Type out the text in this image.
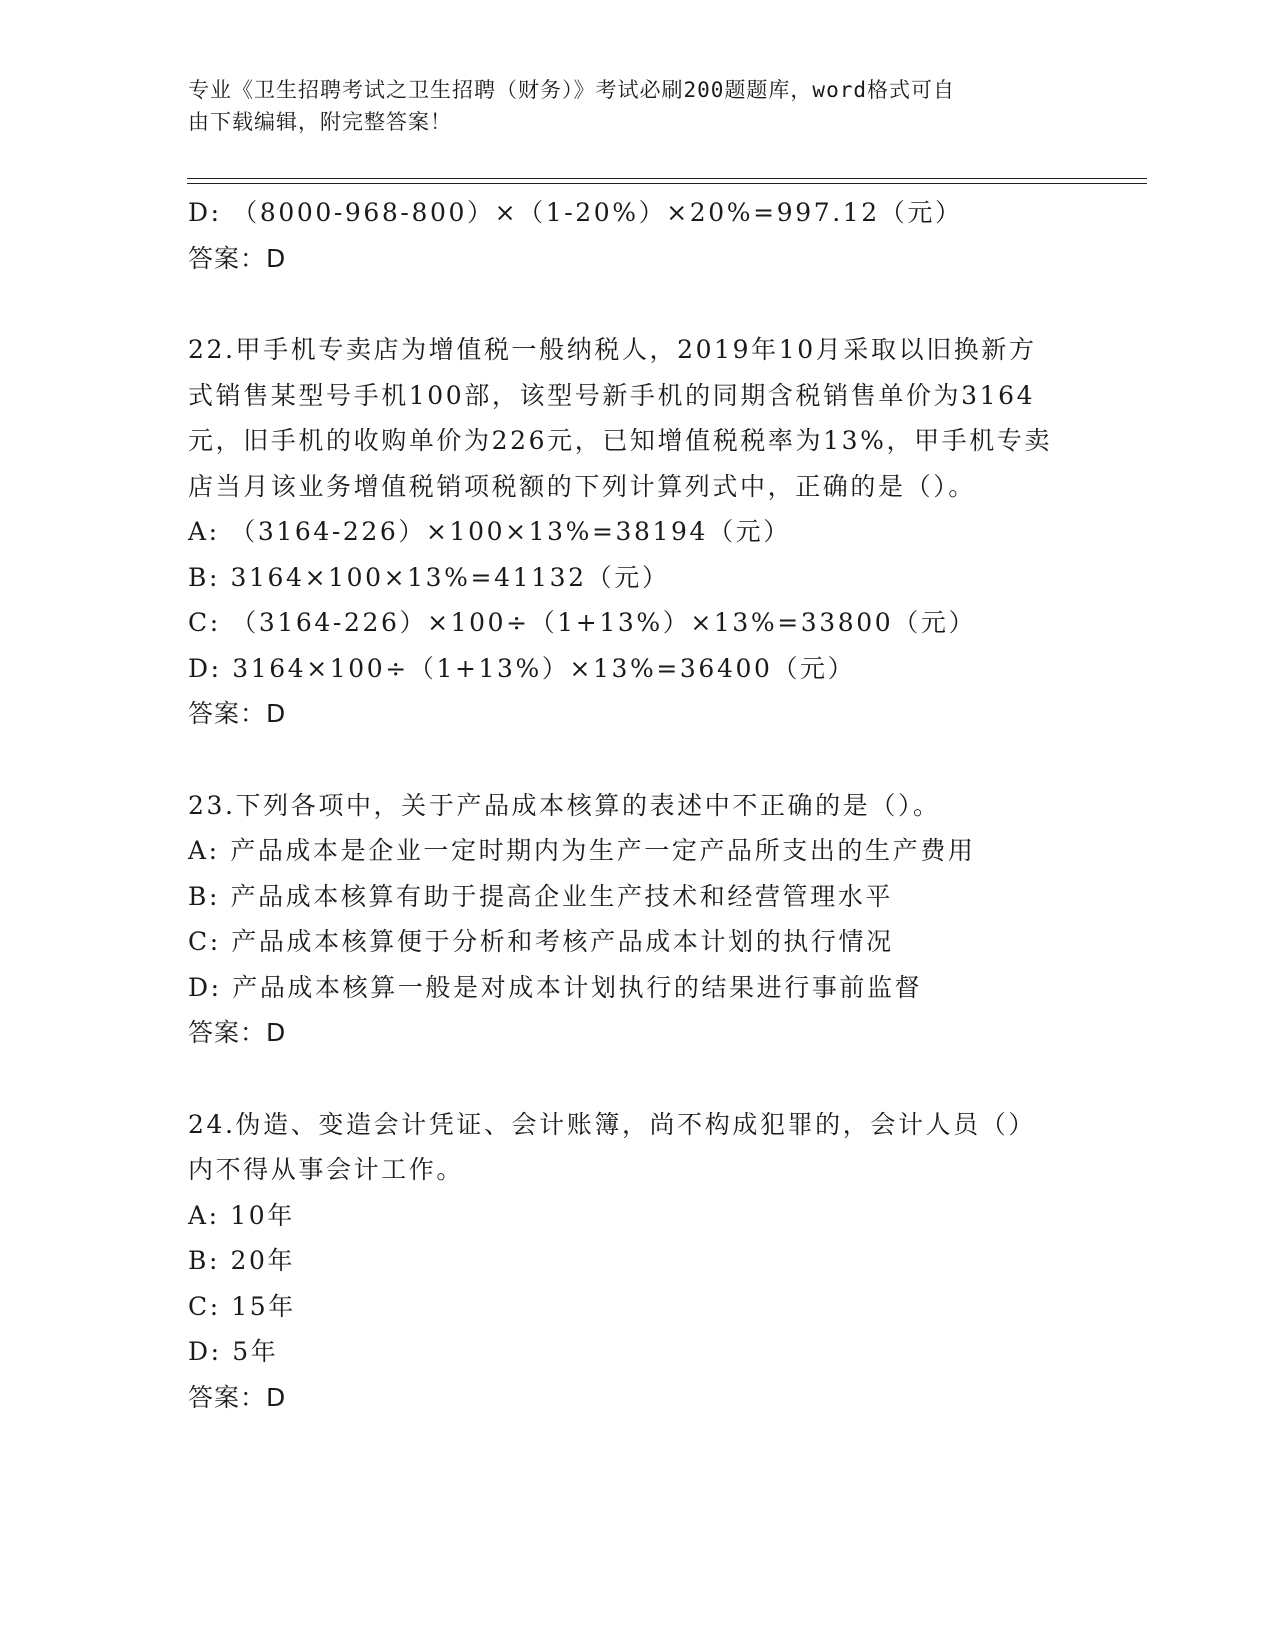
专业《卫生招聘考试之卫生招聘（财务）》考试必刷200题题库，word格式可自
由下载编辑，附完整答案！
D: （8000-968-800）×（1-20%）×20%=997.12（元）
答案：D
22.甲手机专卖店为增值税一般纳税人，2019年10月采取以旧换新方
式销售某型号手机100部，该型号新手机的同期含税销售单价为3164
元，旧手机的收购单价为226元，已知增值税税率为13%，甲手机专卖
店当月该业务增值税销项税额的下列计算列式中，正确的是（）。
A: （3164-226）×100×13%=38194（元）
B: 3164×100×13%=41132（元）
C: （3164-226）×100÷（1+13%）×13%=33800（元）
D: 3164×100÷（1+13%）×13%=36400（元）
答案：D
23.下列各项中，关于产品成本核算的表述中不正确的是（）。
A: 产品成本是企业一定时期内为生产一定产品所支出的生产费用
B: 产品成本核算有助于提高企业生产技术和经营管理水平
C: 产品成本核算便于分析和考核产品成本计划的执行情况
D: 产品成本核算一般是对成本计划执行的结果进行事前监督
答案：D
24.伪造、变造会计凭证、会计账簿，尚不构成犯罪的，会计人员（）
内不得从事会计工作。
A: 10年
B: 20年
C: 15年
D: 5年
答案：D
